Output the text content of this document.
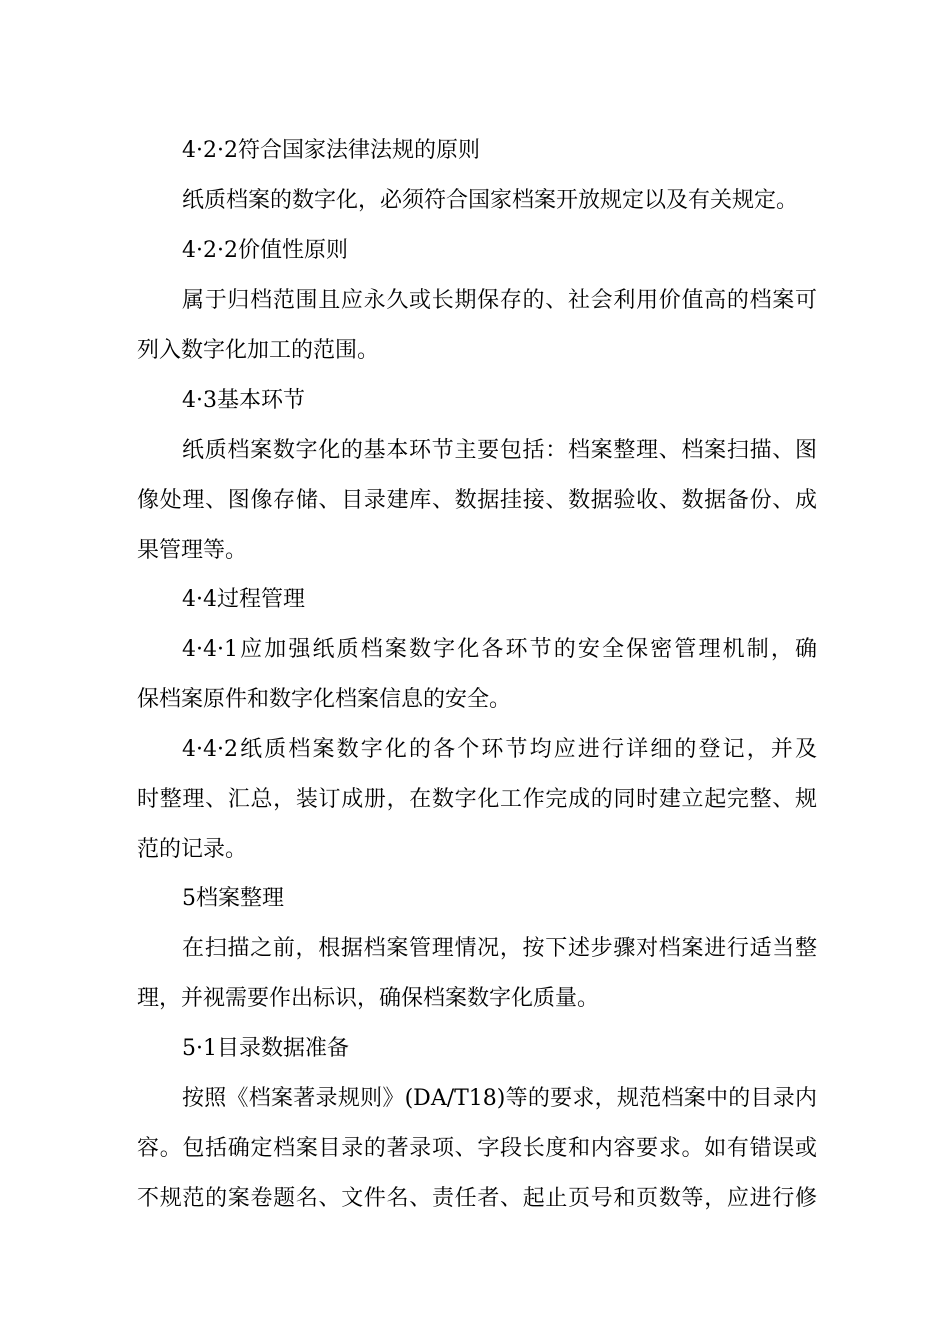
4·2·2符合国家法律法规的原则
纸质档案的数字化，必须符合国家档案开放规定以及有关规定。
4·2·2价值性原则
属于归档范围且应永久或长期保存的、社会利用价值高的档案可
列入数字化加工的范围。
4·3基本环节
纸质档案数字化的基本环节主要包括：档案整理、档案扫描、图
像处理、图像存储、目录建库、数据挂接、数据验收、数据备份、成
果管理等。
4·4过程管理
4·4·1应加强纸质档案数字化各环节的安全保密管理机制，确
保档案原件和数字化档案信息的安全。
4·4·2纸质档案数字化的各个环节均应进行详细的登记，并及
时整理、汇总，装订成册，在数字化工作完成的同时建立起完整、规
范的记录。
5档案整理
在扫描之前，根据档案管理情况，按下述步骤对档案进行适当整
理，并视需要作出标识，确保档案数字化质量。
5·1目录数据准备
按照《档案著录规则》(DA/T18)等的要求，规范档案中的目录内
容。包括确定档案目录的著录项、字段长度和内容要求。如有错误或
不规范的案卷题名、文件名、责任者、起止页号和页数等，应进行修
